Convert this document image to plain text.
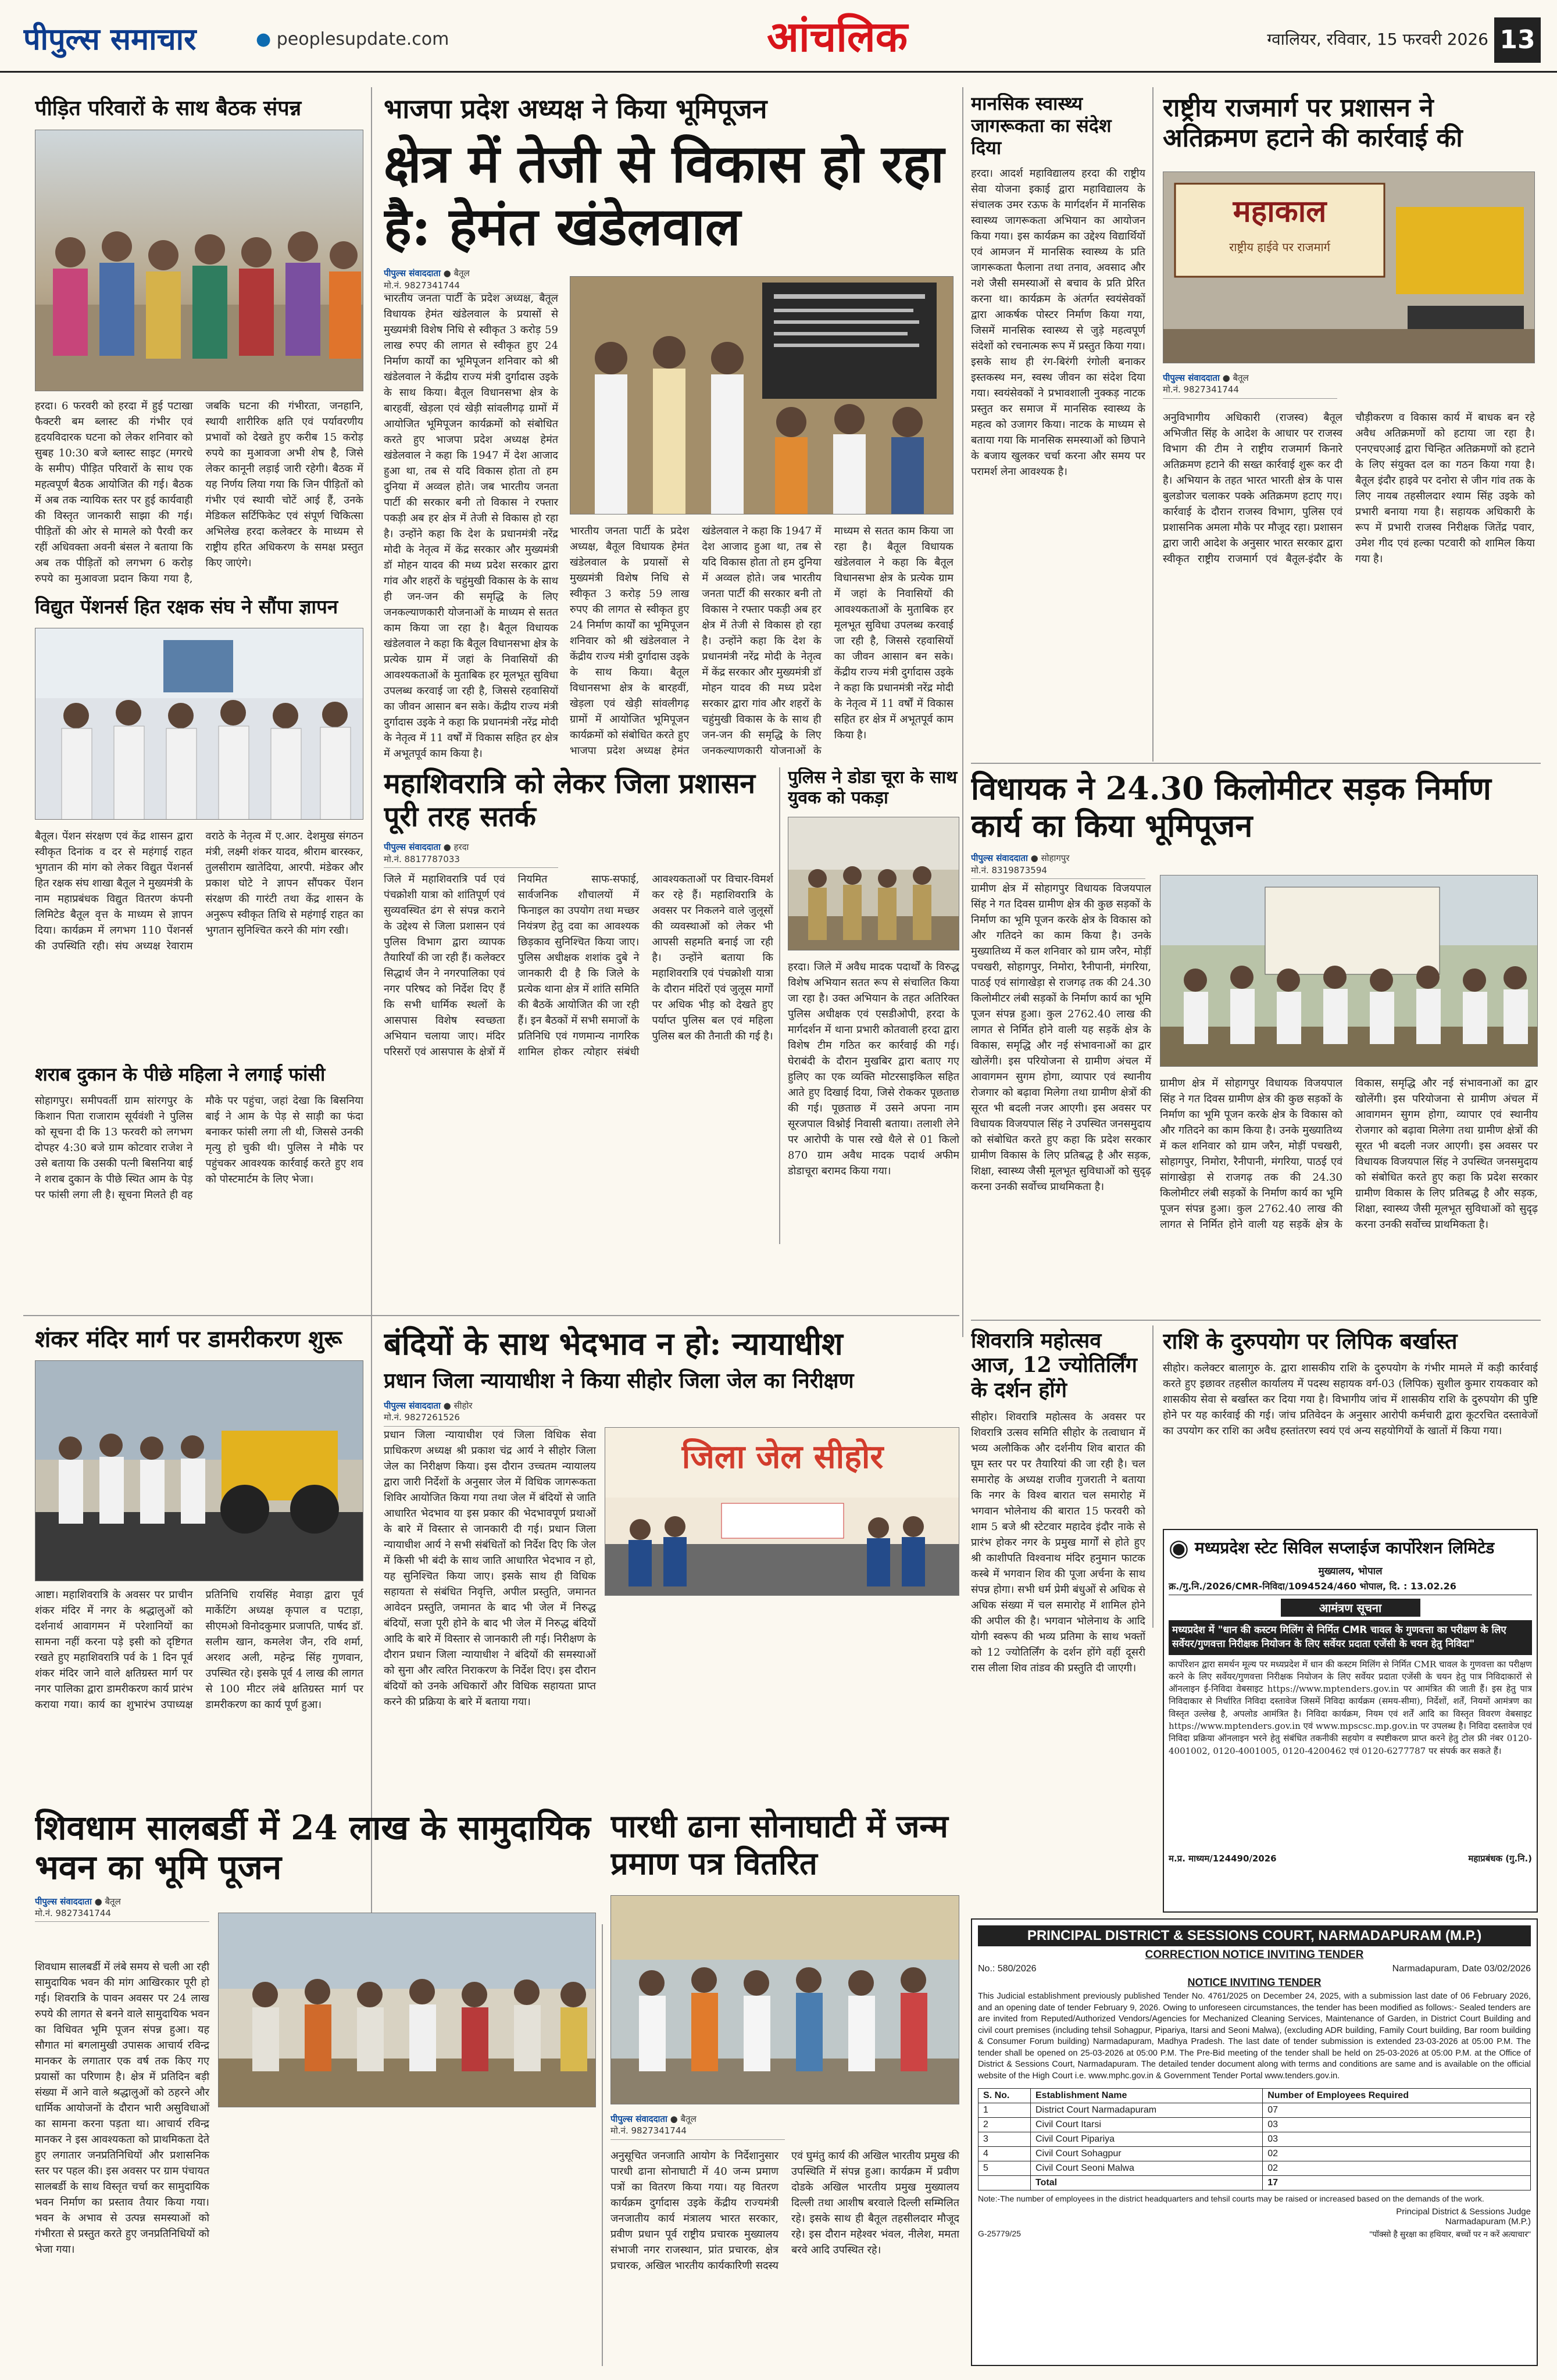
पीपुल्स समाचार	● peoplesupdate.com	आंचलिक	ग्वालियर, रविवार, 15 फरवरी 2026 13
पीड़ित परिवारों के साथ बैठक संपन्न
हरदा। 6 फरवरी को हरदा में हुई पटाखा फैक्टरी बम ब्लास्ट की गंभीर एवं हृदयविदारक घटना को लेकर शनिवार को सुबह 10:30 बजे ब्लास्ट साइट (मगरधे के समीप) पीड़ित परिवारों के साथ एक महत्वपूर्ण बैठक आयोजित की गई। बैठक में अब तक न्यायिक स्तर पर हुई कार्यवाही की विस्तृत जानकारी साझा की गई। पीड़ितों की ओर से मामले को पैरवी कर रहीं अधिवक्ता अवनी बंसल ने बताया कि अब तक पीड़ितों को लगभग 6 करोड़ रुपये का मुआवजा प्रदान किया गया है, जबकि घटना की गंभीरता, जनहानि, स्थायी शारीरिक क्षति एवं पर्यावरणीय प्रभावों को देखते हुए करीब 15 करोड़ रुपये का मुआवजा अभी शेष है, जिसे लेकर कानूनी लड़ाई जारी रहेगी। बैठक में यह निर्णय लिया गया कि जिन पीड़ितों को गंभीर एवं स्थायी चोटें आई हैं, उनके मेडिकल सर्टिफिकेट एवं संपूर्ण चिकित्सा अभिलेख हरदा कलेक्टर के माध्यम से राष्ट्रीय हरित अधिकरण के समक्ष प्रस्तुत किए जाएंगे।
विद्युत पेंशनर्स हित रक्षक संघ ने सौंपा ज्ञापन
बैतूल। पेंशन संरक्षण एवं केंद्र शासन द्वारा स्वीकृत दिनांक व दर से महंगाई राहत भुगतान की मांग को लेकर विद्युत पेंशनर्स हित रक्षक संघ शाखा बैतूल ने मुख्यमंत्री के नाम महाप्रबंधक विद्युत वितरण कंपनी लिमिटेड बैतूल वृत्त के माध्यम से ज्ञापन दिया। कार्यक्रम में लगभग 110 पेंशनर्स की उपस्थिति रही। संघ अध्यक्ष रेवाराम वराठे के नेतृत्व में ए.आर. देशमुख संगठन मंत्री, लक्ष्मी शंकर यादव, श्रीराम बारस्कर, तुलसीराम खातेदिया, आरपी. मंडेकर और प्रकाश घोटे ने ज्ञापन सौंपकर पेंशन संरक्षण की गारंटी तथा केंद्र शासन के अनुरूप स्वीकृत तिथि से महंगाई राहत का भुगतान सुनिश्चित करने की मांग रखी।
शराब दुकान के पीछे महिला ने लगाई फांसी
सोहागपुर। समीपवर्ती ग्राम सांरगपुर के किशान पिता राजाराम सूर्यवंशी ने पुलिस को सूचना दी कि 13 फरवरी को लगभग दोपहर 4:30 बजे ग्राम कोटवार राजेश ने उसे बताया कि उसकी पत्नी बिसनिया बाई ने शराब दुकान के पीछे स्थित आम के पेड़ पर फांसी लगा ली है। सूचना मिलते ही वह मौके पर पहुंचा, जहां देखा कि बिसनिया बाई ने आम के पेड़ से साड़ी का फंदा बनाकर फांसी लगा ली थी, जिससे उनकी मृत्यु हो चुकी थी। पुलिस ने मौके पर पहुंचकर आवश्यक कार्रवाई करते हुए शव को पोस्टमार्टम के लिए भेजा।
शंकर मंदिर मार्ग पर डामरीकरण शुरू
आष्टा। महाशिवरात्रि के अवसर पर प्राचीन शंकर मंदिर में नगर के श्रद्धालुओं को दर्शनार्थ आवागमन में परेशानियों का सामना नहीं करना पड़े इसी को दृष्टिगत रखते हुए महाशिवरात्रि पर्व के 1 दिन पूर्व शंकर मंदिर जाने वाले क्षतिग्रस्त मार्ग पर नगर पालिका द्वारा डामरीकरण कार्य प्रारंभ कराया गया। कार्य का शुभारंभ उपाध्यक्ष प्रतिनिधि रायसिंह मेवाड़ा द्वारा पूर्व मार्केटिंग अध्यक्ष कृपाल व पटाड़ा, सीएमओ विनोदकुमार प्रजापति, पार्षद डॉ. सलीम खान, कमलेश जैन, रवि शर्मा, अरशद अली, महेन्द्र सिंह गुणवान, उपस्थित रहे। इसके पूर्व 4 लाख की लागत से 100 मीटर लंबे क्षतिग्रस्त मार्ग पर डामरीकरण का कार्य पूर्ण हुआ।
शिवधाम सालबर्डी में 24 लाख के सामुदायिक भवन का भूमि पूजन
पीपुल्स संवाददाता ● बैतूल
मो.नं. 9827341744
शिवधाम सालबर्डी में लंबे समय से चली आ रही सामुदायिक भवन की मांग आखिरकार पूरी हो गई। शिवरात्रि के पावन अवसर पर 24 लाख रुपये की लागत से बनने वाले सामुदायिक भवन का विधिवत भूमि पूजन संपन्न हुआ। यह सौगात मां बगलामुखी उपासक आचार्य रविन्द्र मानकर के लगातार एक वर्ष तक किए गए प्रयासों का परिणाम है। क्षेत्र में प्रतिदिन बड़ी संख्या में आने वाले श्रद्धालुओं को ठहरने और धार्मिक आयोजनों के दौरान भारी असुविधाओं का सामना करना पड़ता था। आचार्य रविन्द्र मानकर ने इस आवश्यकता को प्राथमिकता देते हुए लगातार जनप्रतिनिधियों और प्रशासनिक स्तर पर पहल की। इस अवसर पर ग्राम पंचायत सालबर्डी के साथ विस्तृत चर्चा कर सामुदायिक भवन निर्माण का प्रस्ताव तैयार किया गया। भवन के अभाव से उत्पन्न समस्याओं को गंभीरता से प्रस्तुत करते हुए जनप्रतिनिधियों को भेजा गया।
भाजपा प्रदेश अध्यक्ष ने किया भूमिपूजन
क्षेत्र में तेजी से विकास हो रहा है: हेमंत खंडेलवाल
पीपुल्स संवाददाता ● बैतूल
मो.नं. 9827341744
भारतीय जनता पार्टी के प्रदेश अध्यक्ष, बैतूल विधायक हेमंत खंडेलवाल के प्रयासों से मुख्यमंत्री विशेष निधि से स्वीकृत 3 करोड़ 59 लाख रुपए की लागत से स्वीकृत हुए 24 निर्माण कार्यों का भूमिपूजन शनिवार को श्री खंडेलवाल ने केंद्रीय राज्य मंत्री दुर्गादास उइके के साथ किया। बैतूल विधानसभा क्षेत्र के बारहवीं, खेड़ला एवं खेड़ी सांवलीगढ़ ग्रामों में आयोजित भूमिपूजन कार्यक्रमों को संबोधित करते हुए भाजपा प्रदेश अध्यक्ष हेमंत खंडेलवाल ने कहा कि 1947 में देश आजाद हुआ था, तब से यदि विकास होता तो हम दुनिया में अव्वल होते। जब भारतीय जनता पार्टी की सरकार बनी तो विकास ने रफ्तार पकड़ी अब हर क्षेत्र में तेजी से विकास हो रहा है। उन्होंने कहा कि देश के प्रधानमंत्री नरेंद्र मोदी के नेतृत्व में केंद्र सरकार और मुख्यमंत्री डॉ मोहन यादव की मध्य प्रदेश सरकार द्वारा गांव और शहरों के चहुंमुखी विकास के के साथ ही जन-जन की समृद्धि के लिए जनकल्याणकारी योजनाओं के माध्यम से सतत काम किया जा रहा है। बैतूल विधायक खंडेलवाल ने कहा कि बैतूल विधानसभा क्षेत्र के प्रत्येक ग्राम में जहां के निवासियों की आवश्यकताओं के मुताबिक हर मूलभूत सुविधा उपलब्ध करवाई जा रही है, जिससे रहवासियों का जीवन आसान बन सके। केंद्रीय राज्य मंत्री दुर्गादास उइके ने कहा कि प्रधानमंत्री नरेंद्र मोदी के नेतृत्व में 11 वर्षों में विकास सहित हर क्षेत्र में अभूतपूर्व काम किया है।
भारतीय जनता पार्टी के प्रदेश अध्यक्ष, बैतूल विधायक हेमंत खंडेलवाल के प्रयासों से मुख्यमंत्री विशेष निधि से स्वीकृत 3 करोड़ 59 लाख रुपए की लागत से स्वीकृत हुए 24 निर्माण कार्यों का भूमिपूजन शनिवार को श्री खंडेलवाल ने केंद्रीय राज्य मंत्री दुर्गादास उइके के साथ किया। बैतूल विधानसभा क्षेत्र के बारहवीं, खेड़ला एवं खेड़ी सांवलीगढ़ ग्रामों में आयोजित भूमिपूजन कार्यक्रमों को संबोधित करते हुए भाजपा प्रदेश अध्यक्ष हेमंत खंडेलवाल ने कहा कि 1947 में देश आजाद हुआ था, तब से यदि विकास होता तो हम दुनिया में अव्वल होते। जब भारतीय जनता पार्टी की सरकार बनी तो विकास ने रफ्तार पकड़ी अब हर क्षेत्र में तेजी से विकास हो रहा है। उन्होंने कहा कि देश के प्रधानमंत्री नरेंद्र मोदी के नेतृत्व में केंद्र सरकार और मुख्यमंत्री डॉ मोहन यादव की मध्य प्रदेश सरकार द्वारा गांव और शहरों के चहुंमुखी विकास के के साथ ही जन-जन की समृद्धि के लिए जनकल्याणकारी योजनाओं के माध्यम से सतत काम किया जा रहा है। बैतूल विधायक खंडेलवाल ने कहा कि बैतूल विधानसभा क्षेत्र के प्रत्येक ग्राम में जहां के निवासियों की आवश्यकताओं के मुताबिक हर मूलभूत सुविधा उपलब्ध करवाई जा रही है, जिससे रहवासियों का जीवन आसान बन सके। केंद्रीय राज्य मंत्री दुर्गादास उइके ने कहा कि प्रधानमंत्री नरेंद्र मोदी के नेतृत्व में 11 वर्षों में विकास सहित हर क्षेत्र में अभूतपूर्व काम किया है।
महाशिवरात्रि को लेकर जिला प्रशासन पूरी तरह सतर्क
पीपुल्स संवाददाता ● हरदा
मो.नं. 8817787033
जिले में महाशिवरात्रि पर्व एवं पंचक्रोशी यात्रा को शांतिपूर्ण एवं सुव्यवस्थित ढंग से संपन्न कराने के उद्देश्य से जिला प्रशासन एवं पुलिस विभाग द्वारा व्यापक तैयारियाँ की जा रही हैं। कलेक्टर सिद्धार्थ जैन ने नगरपालिका एवं नगर परिषद को निर्देश दिए हैं कि सभी धार्मिक स्थलों के आसपास विशेष स्वच्छता अभियान चलाया जाए। मंदिर परिसरों एवं आसपास के क्षेत्रों में नियमित साफ-सफाई, सार्वजनिक शौचालयों में फिनाइल का उपयोग तथा मच्छर नियंत्रण हेतु दवा का आवश्यक छिड़काव सुनिश्चित किया जाए। पुलिस अधीक्षक शशांक दुबे ने जानकारी दी है कि जिले के प्रत्येक थाना क्षेत्र में शांति समिति की बैठकें आयोजित की जा रही हैं। इन बैठकों में सभी समाजों के प्रतिनिधि एवं गणमान्य नागरिक शामिल होकर त्योहार संबंधी आवश्यकताओं पर विचार-विमर्श कर रहे हैं। महाशिवरात्रि के अवसर पर निकलने वाले जुलूसों की व्यवस्थाओं को लेकर भी आपसी सहमति बनाई जा रही है। उन्होंने बताया कि महाशिवरात्रि एवं पंचक्रोशी यात्रा के दौरान मंदिरों एवं जुलूस मार्गों पर अधिक भीड़ को देखते हुए पर्याप्त पुलिस बल एवं महिला पुलिस बल की तैनाती की गई है।
बंदियों के साथ भेदभाव न हो: न्यायाधीश
प्रधान जिला न्यायाधीश ने किया सीहोर जिला जेल का निरीक्षण
पीपुल्स संवाददाता ● सीहोर
मो.नं. 9827261526
जिला जेल सीहोर
प्रधान जिला न्यायाधीश एवं जिला विधिक सेवा प्राधिकरण अध्यक्ष श्री प्रकाश चंद्र आर्य ने सीहोर जिला जेल का निरीक्षण किया। इस दौरान उच्चतम न्यायालय द्वारा जारी निर्देशों के अनुसार जेल में विधिक जागरूकता शिविर आयोजित किया गया तथा जेल में बंदियों से जाति आधारित भेदभाव या इस प्रकार की भेदभावपूर्ण प्रथाओं के बारे में विस्तार से जानकारी दी गई। प्रधान जिला न्यायाधीश आर्य ने सभी संबंधितों को निर्देश दिए कि जेल में किसी भी बंदी के साथ जाति आधारित भेदभाव न हो, यह सुनिश्चित किया जाए। इसके साथ ही विधिक सहायता से संबंधित निवृत्ति, अपील प्रस्तुति, जमानत आवेदन प्रस्तुति, जमानत के बाद भी जेल में निरुद्ध बंदियों, सजा पूरी होने के बाद भी जेल में निरुद्ध बंदियों आदि के बारे में विस्तार से जानकारी ली गई। निरीक्षण के दौरान प्रधान जिला न्यायाधीश ने बंदियों की समस्याओं को सुना और त्वरित निराकरण के निर्देश दिए। इस दौरान बंदियों को उनके अधिकारों और विधिक सहायता प्राप्त करने की प्रक्रिया के बारे में बताया गया।
पारधी ढाना सोनाघाटी में जन्म प्रमाण पत्र वितरित
पीपुल्स संवाददाता ● बैतूल
मो.नं. 9827341744
अनुसूचित जनजाति आयोग के निर्देशानुसार पारधी ढाना सोनाघाटी में 40 जन्म प्रमाण पत्रों का वितरण किया गया। यह वितरण कार्यक्रम दुर्गादास उइके केंद्रीय राज्यमंत्री जनजातीय कार्य मंत्रालय भारत सरकार, प्रवीण प्रधान पूर्व राष्ट्रीय प्रचारक मुख्यालय संभाजी नगर राजस्थान, प्रांत प्रचारक, क्षेत्र प्रचारक, अखिल भारतीय कार्यकारिणी सदस्य एवं घुमंतु कार्य की अखिल भारतीय प्रमुख की उपस्थिति में संपन्न हुआ। कार्यक्रम में प्रवीण दोडके अखिल भारतीय प्रमुख मुख्यालय दिल्ली तथा आशीष बरवाले दिल्ली सम्मिलित रहे। इसके साथ ही बैतूल तहसीलदार मौजूद रहे। इस दौरान महेश्वर भंवल, नीलेश, ममता बरवे आदि उपस्थित रहे।
मानसिक स्वास्थ्य जागरूकता का संदेश दिया
हरदा। आदर्श महाविद्यालय हरदा की राष्ट्रीय सेवा योजना इकाई द्वारा महाविद्यालय के संचालक उमर रऊफ के मार्गदर्शन में मानसिक स्वास्थ्य जागरूकता अभियान का आयोजन किया गया। इस कार्यक्रम का उद्देश्य विद्यार्थियों एवं आमजन में मानसिक स्वास्थ्य के प्रति जागरूकता फैलाना तथा तनाव, अवसाद और नशे जैसी समस्याओं से बचाव के प्रति प्रेरित करना था। कार्यक्रम के अंतर्गत स्वयंसेवकों द्वारा आकर्षक पोस्टर निर्माण किया गया, जिसमें मानसिक स्वास्थ्य से जुड़े महत्वपूर्ण संदेशों को रचनात्मक रूप में प्रस्तुत किया गया। इसके साथ ही रंग-बिरंगी रंगोली बनाकर इस्तकस्थ मन, स्वस्थ जीवन का संदेश दिया गया। स्वयंसेवकों ने प्रभावशाली नुक्कड़ नाटक प्रस्तुत कर समाज में मानसिक स्वास्थ्य के महत्व को उजागर किया। नाटक के माध्यम से बताया गया कि मानसिक समस्याओं को छिपाने के बजाय खुलकर चर्चा करना और समय पर परामर्श लेना आवश्यक है।
पुलिस ने डोडा चूरा के साथ युवक को पकड़ा
हरदा। जिले में अवैध मादक पदार्थों के विरुद्ध विशेष अभियान सतत रूप से संचालित किया जा रहा है। उक्त अभियान के तहत अतिरिक्त पुलिस अधीक्षक एवं एसडीओपी, हरदा के मार्गदर्शन में थाना प्रभारी कोतवाली हरदा द्वारा विशेष टीम गठित कर कार्रवाई की गई। घेराबंदी के दौरान मुखबिर द्वारा बताए गए हुलिए का एक व्यक्ति मोटरसाइकिल सहित आते हुए दिखाई दिया, जिसे रोककर पूछताछ की गई। पूछताछ में उसने अपना नाम सूरजपाल विश्नोई निवासी बताया। तलाशी लेने पर आरोपी के पास रखे थैले से 01 किलो 870 ग्राम अवैध मादक पदार्थ अफीम डोडाचूरा बरामद किया गया।
राष्ट्रीय राजमार्ग पर प्रशासन ने अतिक्रमण हटाने की कार्रवाई की
महाकाल
राष्ट्रीय हाईवे पर राजमार्ग
पीपुल्स संवाददाता ● बैतूल
मो.नं. 9827341744
अनुविभागीय अधिकारी (राजस्व) बैतूल अभिजीत सिंह के आदेश के आधार पर राजस्व विभाग की टीम ने राष्ट्रीय राजमार्ग किनारे अतिक्रमण हटाने की सख्त कार्रवाई शुरू कर दी है। अभियान के तहत भारत भारती क्षेत्र के पास बुलडोजर चलाकर पक्के अतिक्रमण हटाए गए। कार्रवाई के दौरान राजस्व विभाग, पुलिस एवं प्रशासनिक अमला मौके पर मौजूद रहा। प्रशासन द्वारा जारी आदेश के अनुसार भारत सरकार द्वारा स्वीकृत राष्ट्रीय राजमार्ग एवं बैतूल-इंदौर के चौड़ीकरण व विकास कार्य में बाधक बन रहे अवैध अतिक्रमणों को हटाया जा रहा है। एनएचएआई द्वारा चिन्हित अतिक्रमणों को हटाने के लिए संयुक्त दल का गठन किया गया है। बैतूल इंदौर हाइवे पर दनोरा से जीन गांव तक के लिए नायब तहसीलदार श्याम सिंह उइके को प्रभारी बनाया गया है। सहायक अधिकारी के रूप में प्रभारी राजस्व निरीक्षक जितेंद्र पवार, उमेश गीद एवं हल्का पटवारी को शामिल किया गया है।
विधायक ने 24.30 किलोमीटर सड़क निर्माण कार्य का किया भूमिपूजन
पीपुल्स संवाददाता ● सोहागपुर
मो.नं. 8319873594
ग्रामीण क्षेत्र में सोहागपुर विधायक विजयपाल सिंह ने गत दिवस ग्रामीण क्षेत्र की कुछ सड़कों के निर्माण का भूमि पूजन करके क्षेत्र के विकास को और गतिदने का काम किया है। उनके मुख्यातिथ्य में कल शनिवार को ग्राम जरैन, मोड़ीं पचखरी, सोहागपुर, निमोरा, रैनीपानी, मंगरिया, पाठई एवं सांगाखेड़ा से राजगढ़ तक की 24.30 किलोमीटर लंबी सड़कों के निर्माण कार्य का भूमि पूजन संपन्न हुआ। कुल 2762.40 लाख की लागत से निर्मित होने वाली यह सड़कें क्षेत्र के विकास, समृद्धि और नई संभावनाओं का द्वार खोलेंगी। इस परियोजना से ग्रामीण अंचल में आवागमन सुगम होगा, व्यापार एवं स्थानीय रोजगार को बढ़ावा मिलेगा तथा ग्रामीण क्षेत्रों की सूरत भी बदली नजर आएगी। इस अवसर पर विधायक विजयपाल सिंह ने उपस्थित जनसमुदाय को संबोधित करते हुए कहा कि प्रदेश सरकार ग्रामीण विकास के लिए प्रतिबद्ध है और सड़क, शिक्षा, स्वास्थ्य जैसी मूलभूत सुविधाओं को सुदृढ़ करना उनकी सर्वोच्च प्राथमिकता है।
ग्रामीण क्षेत्र में सोहागपुर विधायक विजयपाल सिंह ने गत दिवस ग्रामीण क्षेत्र की कुछ सड़कों के निर्माण का भूमि पूजन करके क्षेत्र के विकास को और गतिदने का काम किया है। उनके मुख्यातिथ्य में कल शनिवार को ग्राम जरैन, मोड़ीं पचखरी, सोहागपुर, निमोरा, रैनीपानी, मंगरिया, पाठई एवं सांगाखेड़ा से राजगढ़ तक की 24.30 किलोमीटर लंबी सड़कों के निर्माण कार्य का भूमि पूजन संपन्न हुआ। कुल 2762.40 लाख की लागत से निर्मित होने वाली यह सड़कें क्षेत्र के विकास, समृद्धि और नई संभावनाओं का द्वार खोलेंगी। इस परियोजना से ग्रामीण अंचल में आवागमन सुगम होगा, व्यापार एवं स्थानीय रोजगार को बढ़ावा मिलेगा तथा ग्रामीण क्षेत्रों की सूरत भी बदली नजर आएगी। इस अवसर पर विधायक विजयपाल सिंह ने उपस्थित जनसमुदाय को संबोधित करते हुए कहा कि प्रदेश सरकार ग्रामीण विकास के लिए प्रतिबद्ध है और सड़क, शिक्षा, स्वास्थ्य जैसी मूलभूत सुविधाओं को सुदृढ़ करना उनकी सर्वोच्च प्राथमिकता है।
शिवरात्रि महोत्सव आज, 12 ज्योतिर्लिंग के दर्शन होंगे
सीहोर। शिवरात्रि महोत्सव के अवसर पर शिवरात्रि उत्सव समिति सीहोर के तत्वाधान में भव्य अलौकिक और दर्शनीय शिव बारात की घूम स्तर पर पर तैयारियां की जा रही है। चल समारोह के अध्यक्ष राजीव गुजराती ने बताया कि नगर के विश्व बारात चल समारोह में भगवान भोलेनाथ की बारात 15 फरवरी को शाम 5 बजे श्री स्टेटवार महादेव इंदौर नाके से प्रारंभ होकर नगर के प्रमुख मार्गों से होते हुए श्री काशीपति विश्वनाथ मंदिर हनुमान फाटक कस्बे में भगवान शिव की पूजा अर्चना के साथ संपन्न होगा। सभी धर्म प्रेमी बंधुओं से अधिक से अधिक संख्या में चल समारोह में शामिल होने की अपील की है। भगवान भोलेनाथ के आदि योगी स्वरूप की भव्य प्रतिमा के साथ भक्तों को 12 ज्योतिर्लिंग के दर्शन होंगे वहीं दूसरी रास लीला शिव तांडव की प्रस्तुति दी जाएगी।
राशि के दुरुपयोग पर लिपिक बर्खास्त
सीहोर। कलेक्टर बालागुरु के. द्वारा शासकीय राशि के दुरुपयोग के गंभीर मामले में कड़ी कार्रवाई करते हुए इछावर तहसील कार्यालय में पदस्थ सहायक वर्ग-03 (लिपिक) सुशील कुमार रायकवार को शासकीय सेवा से बर्खास्त कर दिया गया है। विभागीय जांच में शासकीय राशि के दुरुपयोग की पुष्टि होने पर यह कार्रवाई की गई। जांच प्रतिवेदन के अनुसार आरोपी कर्मचारी द्वारा कूटरचित दस्तावेजों का उपयोग कर राशि का अवैध हस्तांतरण स्वयं एवं अन्य सहयोगियों के खातों में किया गया।
◉ मध्यप्रदेश स्टेट सिविल सप्लाईज कार्पोरेशन लिमिटेड
मुख्यालय, भोपाल
क्र./गु.नि./2026/CMR-निविदा/1094524/460 भोपाल, दि. : 13.02.26
आमंत्रण सूचना
मध्यप्रदेश में "धान की कस्टम मिलिंग से निर्मित CMR चावल के गुणवत्ता का परीक्षण के लिए सर्वेयर/गुणवत्ता निरीक्षक नियोजन के लिए सर्वेयर प्रदाता एजेंसी के चयन हेतु निविदा"
कार्पोरेशन द्वारा समर्थन मूल्य पर मध्यप्रदेश में धान की कस्टम मिलिंग से निर्मित CMR चावल के गुणवत्ता का परीक्षण करने के लिए सर्वेयर/गुणवत्ता निरीक्षक नियोजन के लिए सर्वेयर प्रदाता एजेंसी के चयन हेतु पात्र निविदाकारों से ऑनलाइन ई-निविदा वेबसाइट https://www.mptenders.gov.in पर आमंत्रित की जाती हैं। इस हेतु पात्र निविदाकार से निर्धारित निविदा दस्तावेज जिसमें निविदा कार्यक्रम (समय-सीमा), निर्देशों, शर्तें, नियमों आमंत्रण का विस्तृत उल्लेख है, अपलोड आमंत्रित है। निविदा कार्यक्रम, नियम एवं शर्तें आदि का विस्तृत विवरण वेबसाइट https://www.mptenders.gov.in एवं www.mpscsc.mp.gov.in पर उपलब्ध है। निविदा दस्तावेज एवं निविदा प्रक्रिया ऑनलाइन भरने हेतु संबंधित तकनीकी सहयोग व स्पष्टीकरण प्राप्त करने हेतु टोल फ्री नंबर 0120-4001002, 0120-4001005, 0120-4200462 एवं 0120-6277787 पर संपर्क कर सकते हैं।
म.प्र. माध्यम/124490/2026	महाप्रबंधक (गु.नि.)
PRINCIPAL DISTRICT & SESSIONS COURT, NARMADAPURAM (M.P.)
CORRECTION NOTICE INVITING TENDER
No.: 580/2026	Narmadapuram, Date 03/02/2026
NOTICE INVITING TENDER
This Judicial establishment previously published Tender No. 4761/2025 on December 24, 2025, with a submission last date of 06 February 2026, and an opening date of tender February 9, 2026. Owing to unforeseen circumstances, the tender has been modified as follows:- Sealed tenders are are invited from Reputed/Authorized Vendors/Agencies for Mechanized Cleaning Services, Maintenance of Garden, in District Court Building and civil court premises (including tehsil Sohagpur, Pipariya, Itarsi and Seoni Malwa), (excluding ADR building, Family Court building, Bar room building & Consumer Forum building) Narmadapuram, Madhya Pradesh. The last date of tender submission is extended 23-03-2026 at 05:00 P.M. The tender shall be opened on 25-03-2026 at 05:00 P.M. The Pre-Bid meeting of the tender shall be held on 25-03-2026 at 05:00 P.M. at the Office of District & Sessions Court, Narmadapuram. The detailed tender document along with terms and conditions are same and is available on the official website of the High Court i.e. www.mphc.gov.in & Government Tender Portal www.tenders.gov.in.
S. No.	Establishment Name	Number of Employees Required
1	District Court Narmadapuram	07
2	Civil Court Itarsi	03
3	Civil Court Pipariya	03
4	Civil Court Sohagpur	02
5	Civil Court Seoni Malwa	02
	Total	17
Note:-The number of employees in the district headquarters and tehsil courts may be raised or increased based on the demands of the work.
Principal District & Sessions Judge
Narmadapuram (M.P.)
G-25779/25	"पॉक्सो है सुरक्षा का हथियार, बच्चों पर न करें अत्याचार"
